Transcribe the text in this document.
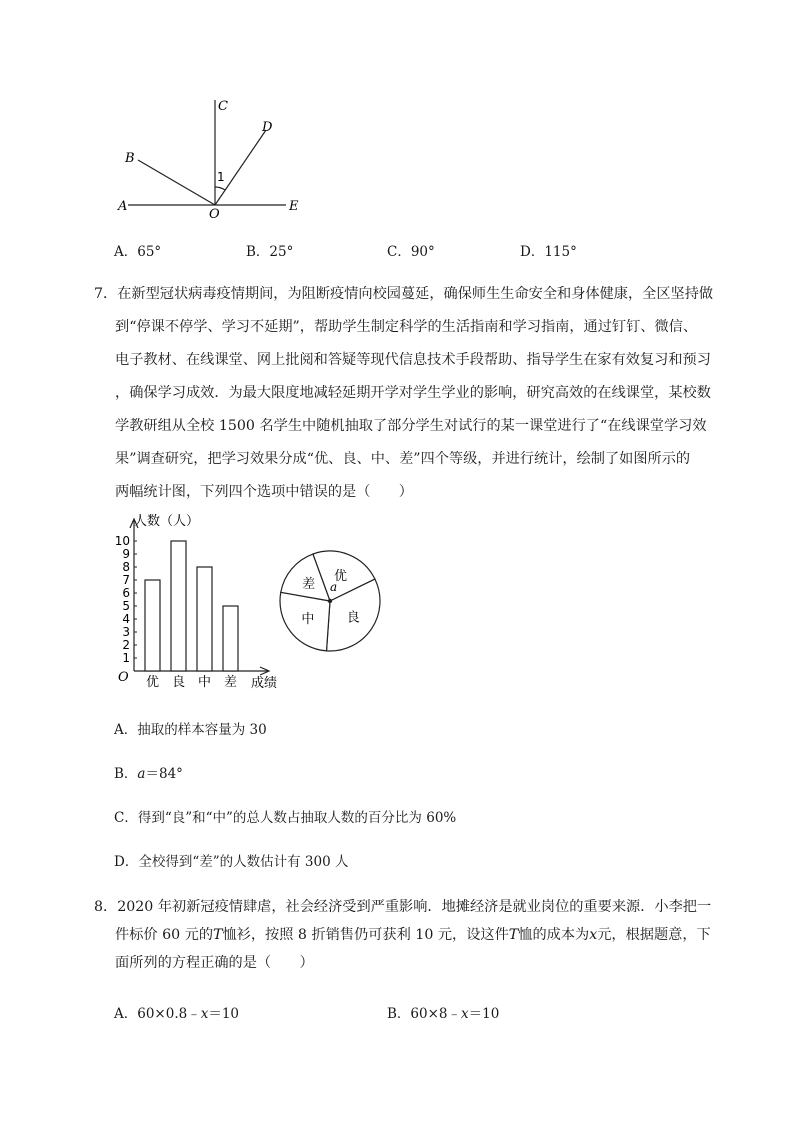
A
B
C
D
E
O
1
A．65°	B．25°	C．90°	D．115°
7．在新型冠状病毒疫情期间，为阻断疫情向校园蔓延，确保师生生命安全和身体健康，全区坚持做
到“停课不停学、学习不延期”，帮助学生制定科学的生活指南和学习指南，通过钉钉、微信、
电子教材、在线课堂、网上批阅和答疑等现代信息技术手段帮助、指导学生在家有效复习和预习
，确保学习成效．为最大限度地减轻延期开学对学生学业的影响，研究高效的在线课堂，某校数
学教研组从全校 1500 名学生中随机抽取了部分学生对试行的某一课堂进行了“在线课堂学习效
果”调查研究，把学习效果分成“优、良、中、差”四个等级，并进行统计，绘制了如图所示的
两幅统计图，下列四个选项中错误的是（　　）
人数（人）
O	成绩
1
2
3
4
5
6
7
8
9
10
优 良 中 差
优
良
中
差 a
A．抽取的样本容量为 30
B．a＝84°
C．得到“良”和“中”的总人数占抽取人数的百分比为 60%
D．全校得到“差”的人数估计有 300 人
8．2020 年初新冠疫情肆虐，社会经济受到严重影响．地摊经济是就业岗位的重要来源．小李把一
件标价 60 元的T恤衫，按照 8 折销售仍可获利 10 元，设这件T恤的成本为x元，根据题意，下
面所列的方程正确的是（　　）
A．60×0.8﹣x＝10	B．60×8﹣x＝10
